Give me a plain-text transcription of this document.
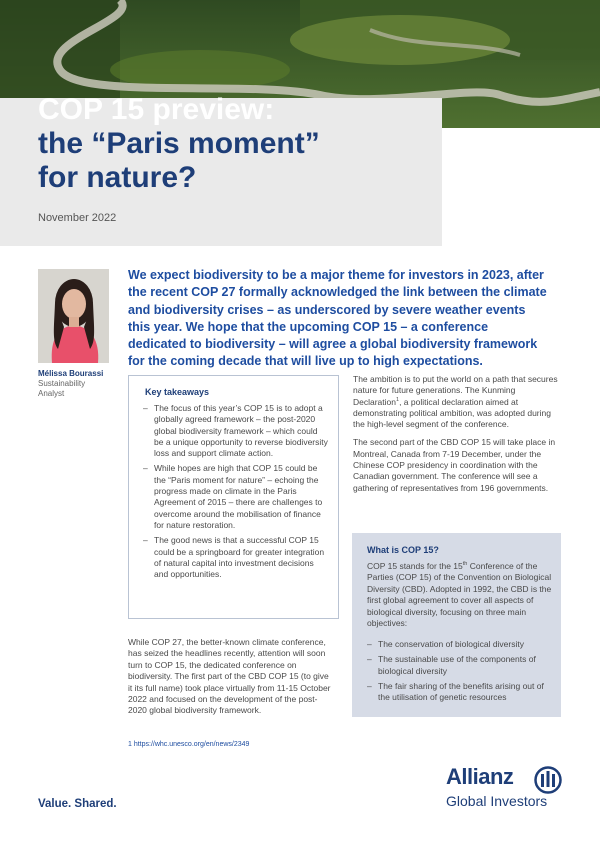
COP 15 preview:
the “Paris moment”
for nature?
November 2022
Mélissa Bourassi
Sustainability Analyst

We expect biodiversity to be a major theme for investors in 2023, after the recent COP 27 formally acknowledged the link between the climate and biodiversity crises – as underscored by severe weather events this year. We hope that the upcoming COP 15 – a conference dedicated to biodiversity – will agree a global biodiversity framework for the coming decade that will live up to high expectations.

Key takeaways
– The focus of this year’s COP 15 is to adopt a globally agreed framework – the post-2020 global biodiversity framework – which could be a unique opportunity to reverse biodiversity loss and support climate action.
– While hopes are high that COP 15 could be the “Paris moment for nature” – echoing the progress made on climate in the Paris Agreement of 2015 – there are challenges to overcome around the mobilisation of finance for nature restoration.
– The good news is that a successful COP 15 could be a springboard for greater integration of natural capital into investment decisions and opportunities.

While COP 27, the better-known climate conference, has seized the headlines recently, attention will soon turn to COP 15, the dedicated conference on biodiversity. The first part of the CBD COP 15 (to give it its full name) took place virtually from 11-15 October 2022 and focused on the development of the post-2020 global biodiversity framework.

The ambition is to put the world on a path that secures nature for future generations. The Kunming Declaration$^1$, a political declaration aimed at demonstrating political ambition, was adopted during the high-level segment of the conference.

The second part of the CBD COP 15 will take place in Montreal, Canada from 7-19 December, under the Chinese COP presidency in coordination with the Canadian government. The conference will see a gathering of representatives from 196 governments.

What is COP 15?

COP 15 stands for the 15th Conference of the Parties (COP 15) of the Convention on Biological Diversity (CBD). Adopted in 1992, the CBD is the first global agreement to cover all aspects of biological diversity, focusing on three main objectives:

– The conservation of biological diversity
– The sustainable use of the components of biological diversity
– The fair sharing of the benefits arising out of the utilisation of genetic resources
1 https://whc.unesco.org/en/news/2349
Value. Shared.
Allianz
Global Investors
